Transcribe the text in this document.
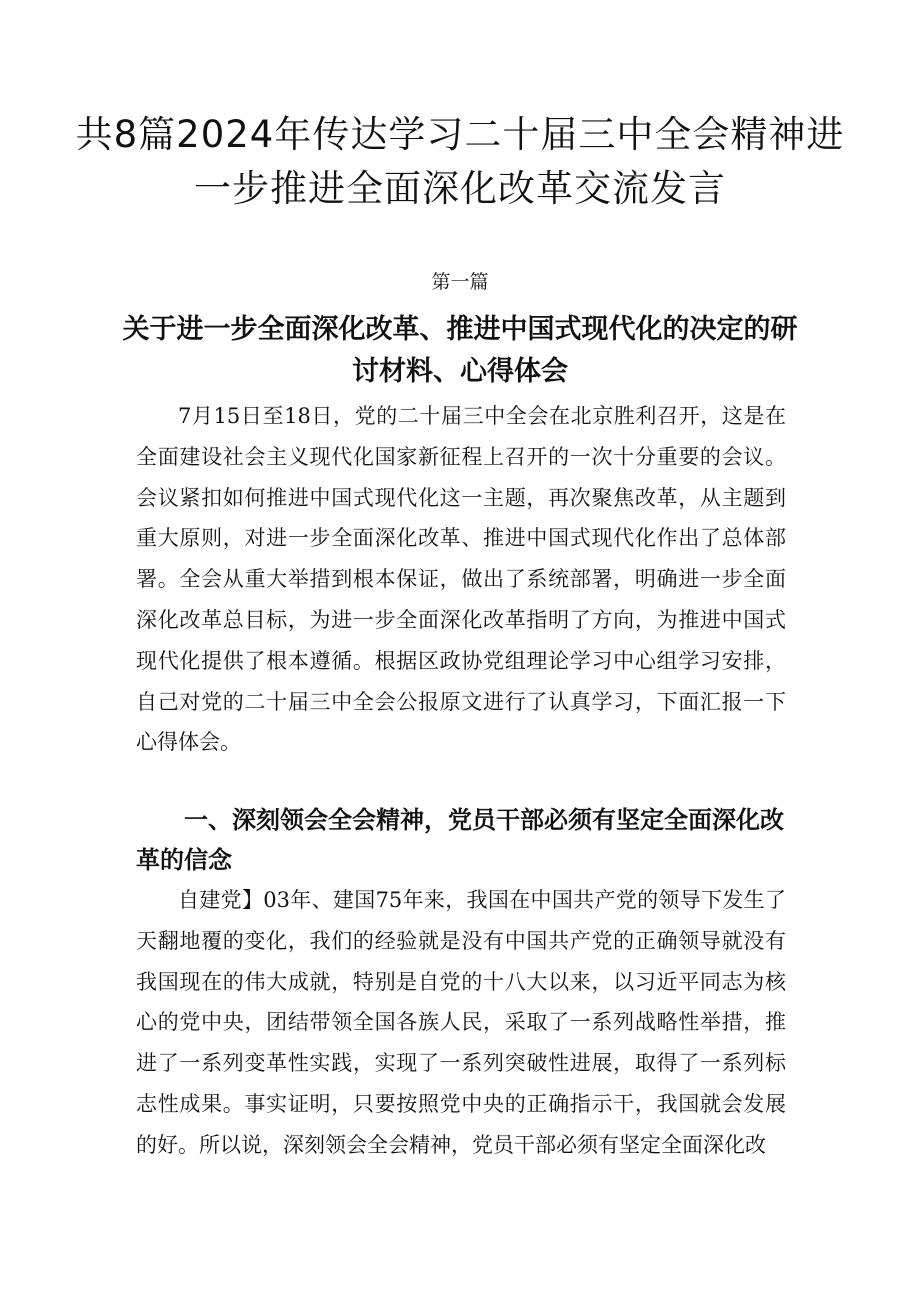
共8篇2024年传达学习二十届三中全会精神进一步推进全面深化改革交流发言

第一篇

关于进一步全面深化改革、推进中国式现代化的决定的研讨材料、心得体会

7月15日至18日，党的二十届三中全会在北京胜利召开，这是在全面建设社会主义现代化国家新征程上召开的一次十分重要的会议。会议紧扣如何推进中国式现代化这一主题，再次聚焦改革，从主题到重大原则，对进一步全面深化改革、推进中国式现代化作出了总体部署。全会从重大举措到根本保证，做出了系统部署，明确进一步全面深化改革总目标，为进一步全面深化改革指明了方向，为推进中国式现代化提供了根本遵循。根据区政协党组理论学习中心组学习安排，自己对党的二十届三中全会公报原文进行了认真学习，下面汇报一下心得体会。

一、深刻领会全会精神，党员干部必须有坚定全面深化改革的信念

自建党】03年、建国75年来，我国在中国共产党的领导下发生了天翻地覆的变化，我们的经验就是没有中国共产党的正确领导就没有我国现在的伟大成就，特别是自党的十八大以来，以习近平同志为核心的党中央，团结带领全国各族人民，采取了一系列战略性举措，推进了一系列变革性实践，实现了一系列突破性进展，取得了一系列标志性成果。事实证明，只要按照党中央的正确指示干，我国就会发展的好。所以说，深刻领会全会精神，党员干部必须有坚定全面深化改
